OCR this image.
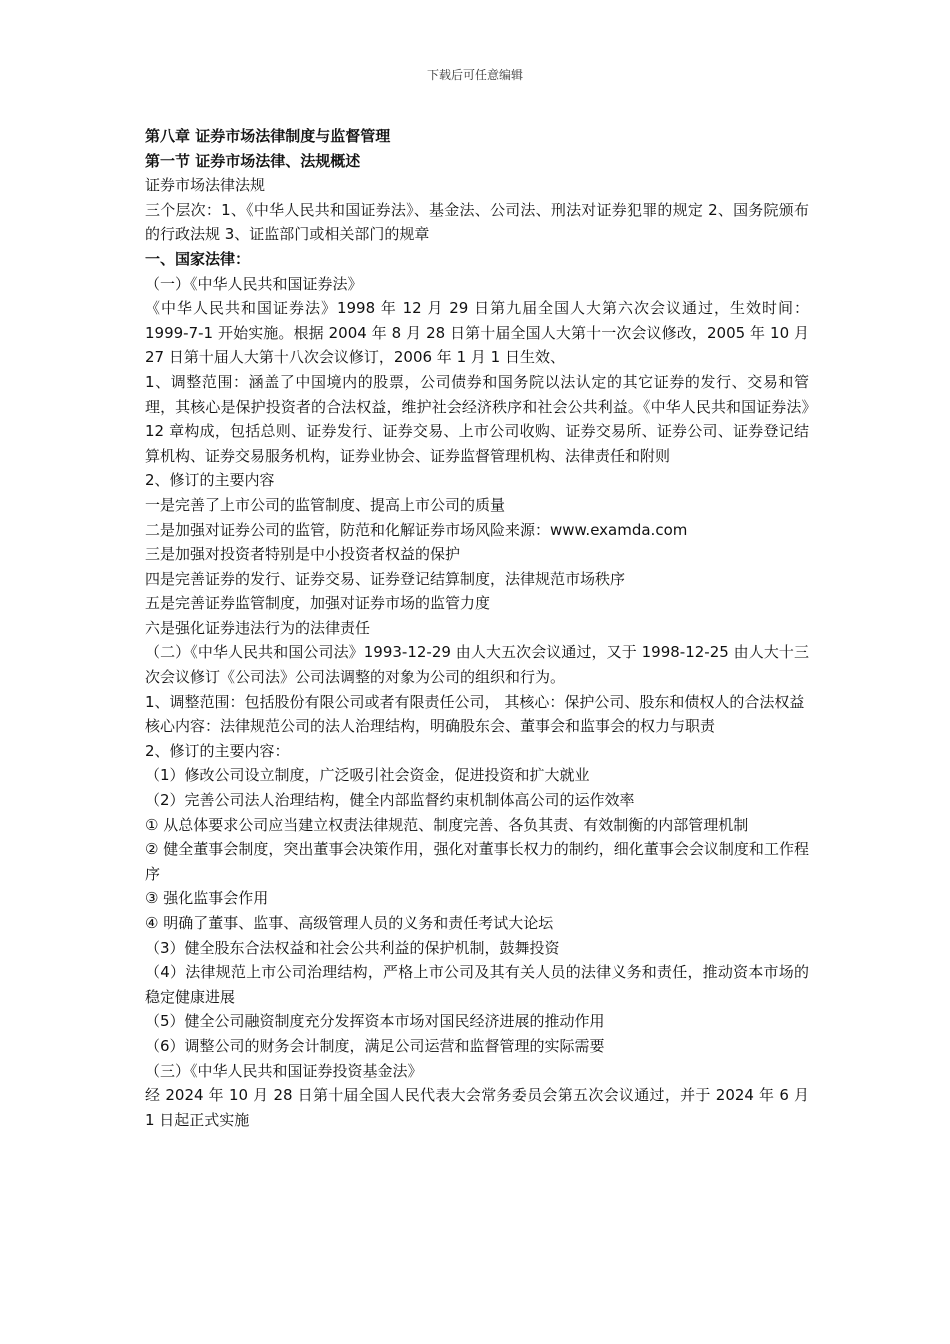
下载后可任意编辑

第八章 证券市场法律制度与监督管理

第一节 证券市场法律、法规概述

证券市场法律法规

三个层次：1、《中华人民共和国证券法》、基金法、公司法、刑法对证券犯罪的规定 2、国务院颁布的行政法规 3、证监部门或相关部门的规章

一、国家法律：

（一）《中华人民共和国证券法》

《中华人民共和国证券法》1998 年 12 月 29 日第九届全国人大第六次会议通过，生效时间： 1999-7-1 开始实施。根据 2004 年 8 月 28 日第十届全国人大第十一次会议修改，2005 年 10 月 27 日第十届人大第十八次会议修订，2006 年 1 月 1 日生效、

1、调整范围：涵盖了中国境内的股票，公司债券和国务院以法认定的其它证券的发行、交易和管理，其核心是保护投资者的合法权益，维护社会经济秩序和社会公共利益。《中华人民共和国证券法》12 章构成，包括总则、证券发行、证券交易、上市公司收购、证券交易所、证券公司、证券登记结算机构、证券交易服务机构，证券业协会、证券监督管理机构、法律责任和附则

2、修订的主要内容

一是完善了上市公司的监管制度、提高上市公司的质量

二是加强对证券公司的监管，防范和化解证券市场风险来源：www.examda.com

三是加强对投资者特别是中小投资者权益的保护

四是完善证券的发行、证券交易、证券登记结算制度，法律规范市场秩序

五是完善证券监管制度，加强对证券市场的监管力度

六是强化证券违法行为的法律责任

（二）《中华人民共和国公司法》1993-12-29 由人大五次会议通过，又于 1998-12-25 由人大十三次会议修订《公司法》公司法调整的对象为公司的组织和行为。

1、调整范围：包括股份有限公司或者有限责任公司， 其核心：保护公司、股东和债权人的合法权益

核心内容：法律规范公司的法人治理结构，明确股东会、董事会和监事会的权力与职责

2、修订的主要内容：

（1）修改公司设立制度，广泛吸引社会资金，促进投资和扩大就业

（2）完善公司法人治理结构，健全内部监督约束机制体高公司的运作效率

① 从总体要求公司应当建立权责法律规范、制度完善、各负其责、有效制衡的内部管理机制

② 健全董事会制度，突出董事会决策作用，强化对董事长权力的制约，细化董事会会议制度和工作程序

③ 强化监事会作用

④ 明确了董事、监事、高级管理人员的义务和责任考试大论坛

（3）健全股东合法权益和社会公共利益的保护机制，鼓舞投资

（4）法律规范上市公司治理结构，严格上市公司及其有关人员的法律义务和责任，推动资本市场的稳定健康进展

（5）健全公司融资制度充分发挥资本市场对国民经济进展的推动作用

（6）调整公司的财务会计制度，满足公司运营和监督管理的实际需要

（三）《中华人民共和国证券投资基金法》

经 2024 年 10 月 28 日第十届全国人民代表大会常务委员会第五次会议通过，并于 2024 年 6 月 1 日起正式实施
